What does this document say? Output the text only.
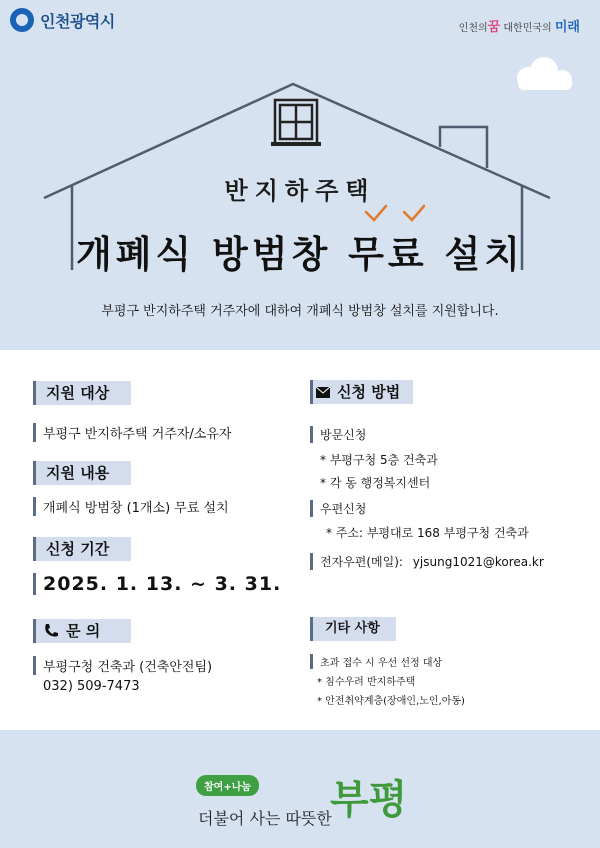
인천광역시	인천의꿈 대한민국의 미래
반지하주택
개폐식 방범창 무료 설치
부평구 반지하주택 거주자에 대하여 개폐식 방범창 설치를 지원합니다.
지원 대상
부평구 반지하주택 거주자/소유자
지원 내용
개폐식 방범창 (1개소) 무료 설치
신청 기간
2025. 1. 13. ~ 3. 31.
문 의
부평구청 건축과 (건축안전팀)
032) 509-7473
신청 방법
방문신청
* 부평구청 5층 건축과
* 각 동 행정복지센터
우편신청
* 주소: 부평대로 168 부평구청 건축과
전자우편(메일): yjsung1021@korea.kr
기타 사항
초과 접수 시 우선 선정 대상
* 침수우려 반지하주택
* 안전취약계층(장애인,노인,아동)
참여+나눔
더불어 사는 따뜻한
부평
